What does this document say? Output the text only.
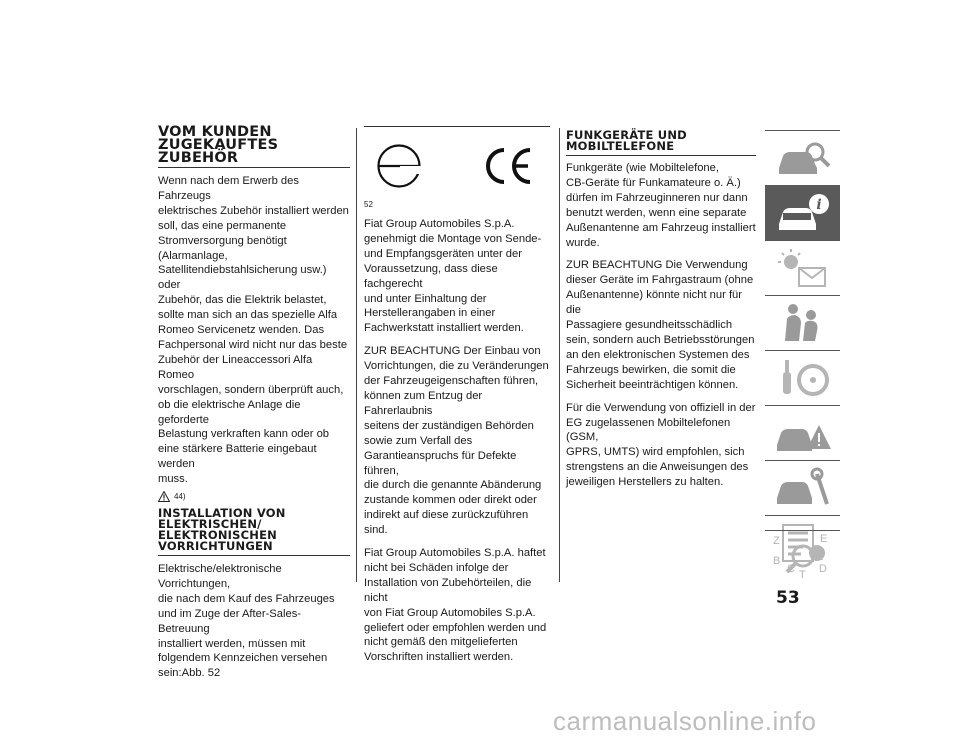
VOM KUNDEN
ZUGEKAUFTES
ZUBEHÖR

Wenn nach dem Erwerb des Fahrzeugs
elektrisches Zubehör installiert werden
soll, das eine permanente
Stromversorgung benötigt
(Alarmanlage,
Satellitendiebstahlsicherung usw.) oder
Zubehör, das die Elektrik belastet,
sollte man sich an das spezielle Alfa
Romeo Servicenetz wenden. Das
Fachpersonal wird nicht nur das beste
Zubehör der Lineaccessori Alfa Romeo
vorschlagen, sondern überprüft auch,
ob die elektrische Anlage die geforderte
Belastung verkraften kann oder ob
eine stärkere Batterie eingebaut werden
muss.

44)
INSTALLATION VON
ELEKTRISCHEN/
ELEKTRONISCHEN
VORRICHTUNGEN

Elektrische/elektronische Vorrichtungen,
die nach dem Kauf des Fahrzeuges
und im Zuge der After-Sales-Betreuung
installiert werden, müssen mit
folgendem Kennzeichen versehen
sein:Abb. 52

52

Fiat Group Automobiles S.p.A.
genehmigt die Montage von Sende-
und Empfangsgeräten unter der
Voraussetzung, dass diese fachgerecht
und unter Einhaltung der
Herstellerangaben in einer
Fachwerkstatt installiert werden.

ZUR BEACHTUNG Der Einbau von
Vorrichtungen, die zu Veränderungen
der Fahrzeugeigenschaften führen,
können zum Entzug der Fahrerlaubnis
seitens der zuständigen Behörden
sowie zum Verfall des
Garantieanspruchs für Defekte führen,
die durch die genannte Abänderung
zustande kommen oder direkt oder
indirekt auf diese zurückzuführen sind.

Fiat Group Automobiles S.p.A. haftet
nicht bei Schäden infolge der
Installation von Zubehörteilen, die nicht
von Fiat Group Automobiles S.p.A.
geliefert oder empfohlen werden und
nicht gemäß den mitgelieferten
Vorschriften installiert werden.

FUNKGERÄTE UND
MOBILTELEFONE

Funkgeräte (wie Mobiltelefone,
CB-Geräte für Funkamateure o. Ä.)
dürfen im Fahrzeuginneren nur dann
benutzt werden, wenn eine separate
Außenantenne am Fahrzeug installiert
wurde.

ZUR BEACHTUNG Die Verwendung
dieser Geräte im Fahrgastraum (ohne
Außenantenne) könnte nicht nur für die
Passagiere gesundheitsschädlich
sein, sondern auch Betriebsstörungen
an den elektronischen Systemen des
Fahrzeugs bewirken, die somit die
Sicherheit beeinträchtigen können.

Für die Verwendung von offiziell in der
EG zugelassenen Mobiltelefonen (GSM,
GPRS, UMTS) wird empfohlen, sich
strengstens an die Anweisungen des
jeweiligen Herstellers zu halten.

i
Z	E
B A
C T D
53
carmanualsonline.info
